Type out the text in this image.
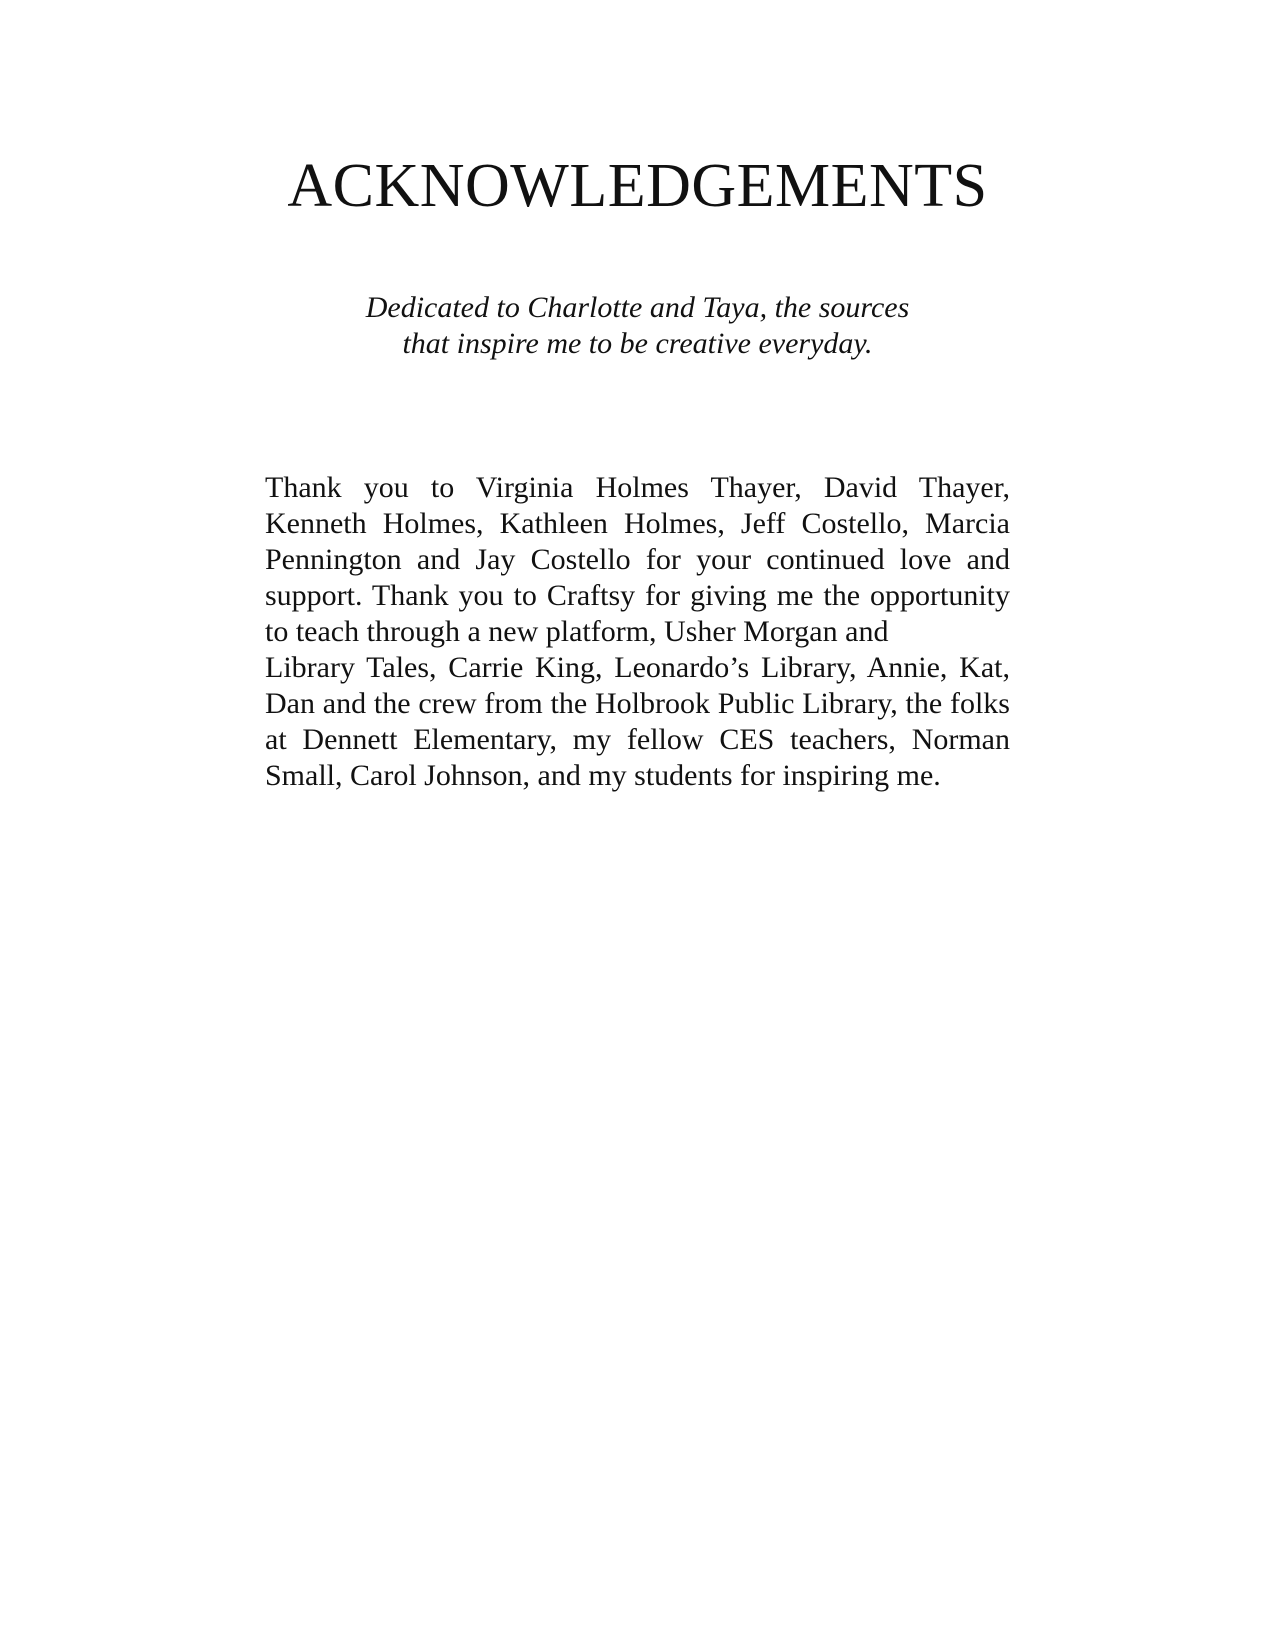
ACKNOWLEDGEMENTS
Dedicated to Charlotte and Taya, the sources
that inspire me to be creative everyday.

Thank you to Virginia Holmes Thayer, David Thayer, Kenneth Holmes, Kathleen Holmes, Jeff Costello, Marcia Pennington and Jay Costello for your continued love and support. Thank you to Craftsy for giving me the opportunity to teach through a new platform, Usher Morgan and

Library Tales, Carrie King, Leonardo’s Library, Annie, Kat, Dan and the crew from the Holbrook Public Library, the folks at Dennett Elementary, my fellow CES teachers, Norman Small, Carol Johnson, and my students for inspiring me.
